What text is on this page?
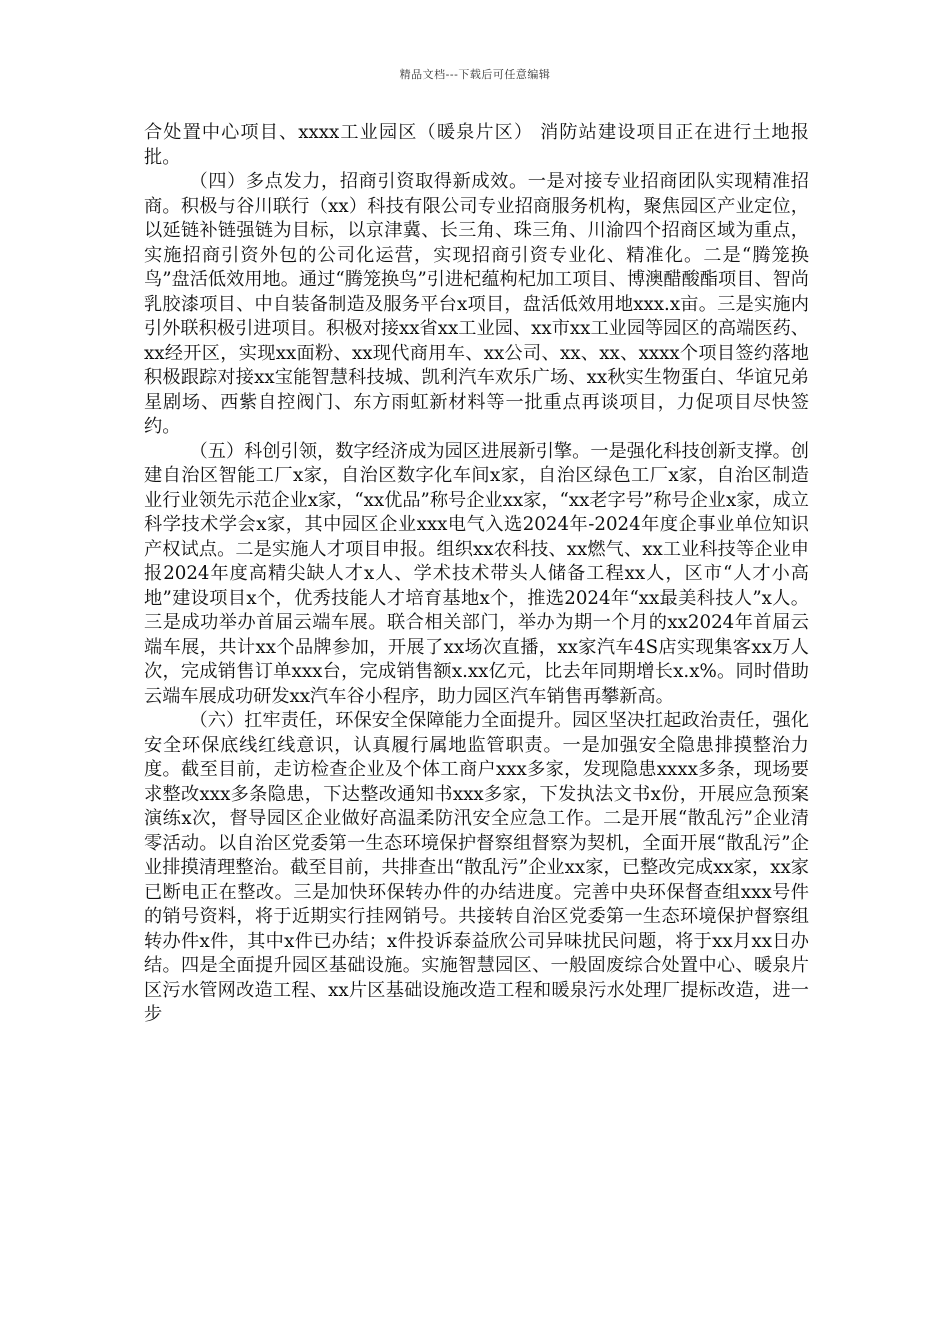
精品文档---下载后可任意编辑

合处置中心项目、xxxx工业园区（暖泉片区） 消防站建设项目正在进行土地报批。

（四）多点发力，招商引资取得新成效。一是对接专业招商团队实现精准招商。积极与谷川联行（xx）科技有限公司专业招商服务机构，聚焦园区产业定位，以延链补链强链为目标，以京津冀、长三角、珠三角、川渝四个招商区域为重点，实施招商引资外包的公司化运营，实现招商引资专业化、精准化。二是“腾笼换鸟”盘活低效用地。通过“腾笼换鸟”引进杞蕴枸杞加工项目、博澳醋酸酯项目、智尚乳胶漆项目、中自装备制造及服务平台x项目，盘活低效用地xxx.x亩。三是实施内引外联积极引进项目。积极对接xx省xx工业园、xx市xx工业园等园区的高端医药、xx经开区，实现xx面粉、xx现代商用车、xx公司、xx、xx、xxxx个项目签约落地积极跟踪对接xx宝能智慧科技城、凯利汽车欢乐广场、xx秋实生物蛋白、华谊兄弟星剧场、西紫自控阀门、东方雨虹新材料等一批重点再谈项目，力促项目尽快签约。

（五）科创引领，数字经济成为园区进展新引擎。一是强化科技创新支撑。创建自治区智能工厂x家，自治区数字化车间x家，自治区绿色工厂x家，自治区制造业行业领先示范企业x家，“xx优品”称号企业xx家，“xx老字号”称号企业x家，成立科学技术学会x家，其中园区企业xxx电气入选2024年-2024年度企事业单位知识产权试点。二是实施人才项目申报。组织xx农科技、xx燃气、xx工业科技等企业申报2024年度高精尖缺人才x人、学术技术带头人储备工程xx人，区市“人才小高地”建设项目x个，优秀技能人才培育基地x个，推选2024年“xx最美科技人”x人。三是成功举办首届云端车展。联合相关部门，举办为期一个月的xx2024年首届云端车展，共计xx个品牌参加，开展了xx场次直播，xx家汽车4S店实现集客xx万人次，完成销售订单xxx台，完成销售额x.xx亿元，比去年同期增长x.x%。同时借助云端车展成功研发xx汽车谷小程序，助力园区汽车销售再攀新高。

（六）扛牢责任，环保安全保障能力全面提升。园区坚决扛起政治责任，强化安全环保底线红线意识，认真履行属地监管职责。一是加强安全隐患排摸整治力度。截至目前，走访检查企业及个体工商户xxx多家，发现隐患xxxx多条，现场要求整改xxx多条隐患，下达整改通知书xxx多家，下发执法文书x份，开展应急预案演练x次，督导园区企业做好高温柔防汛安全应急工作。二是开展“散乱污”企业清零活动。以自治区党委第一生态环境保护督察组督察为契机，全面开展“散乱污”企业排摸清理整治。截至目前，共排查出“散乱污”企业xx家，已整改完成xx家，xx家已断电正在整改。三是加快环保转办件的办结进度。完善中央环保督查组xxx号件的销号资料，将于近期实行挂网销号。共接转自治区党委第一生态环境保护督察组转办件x件，其中x件已办结；x件投诉泰益欣公司异味扰民问题，将于xx月xx日办结。四是全面提升园区基础设施。实施智慧园区、一般固废综合处置中心、暖泉片区污水管网改造工程、xx片区基础设施改造工程和暖泉污水处理厂提标改造，进一步
